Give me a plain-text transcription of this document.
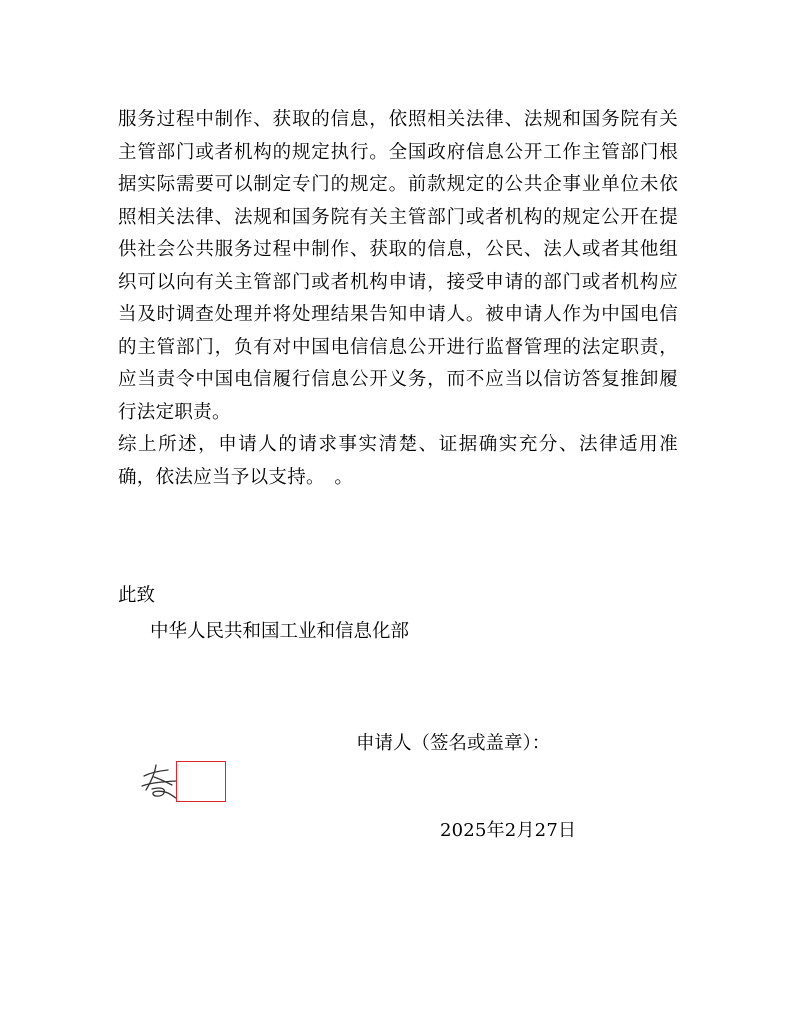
服务过程中制作、获取的信息，依照相关法律、法规和国务院有关主管部门或者机构的规定执行。全国政府信息公开工作主管部门根据实际需要可以制定专门的规定。前款规定的公共企事业单位未依照相关法律、法规和国务院有关主管部门或者机构的规定公开在提供社会公共服务过程中制作、获取的信息，公民、法人或者其他组织可以向有关主管部门或者机构申请，接受申请的部门或者机构应当及时调查处理并将处理结果告知申请人。被申请人作为中国电信的主管部门，负有对中国电信信息公开进行监督管理的法定职责，应当责令中国电信履行信息公开义务，而不应当以信访答复推卸履行法定职责。

综上所述，申请人的请求事实清楚、证据确实充分、法律适用准确，依法应当予以支持。　。

此致
中华人民共和国工业和信息化部
申请人（签名或盖章）：
2025年2月27日
